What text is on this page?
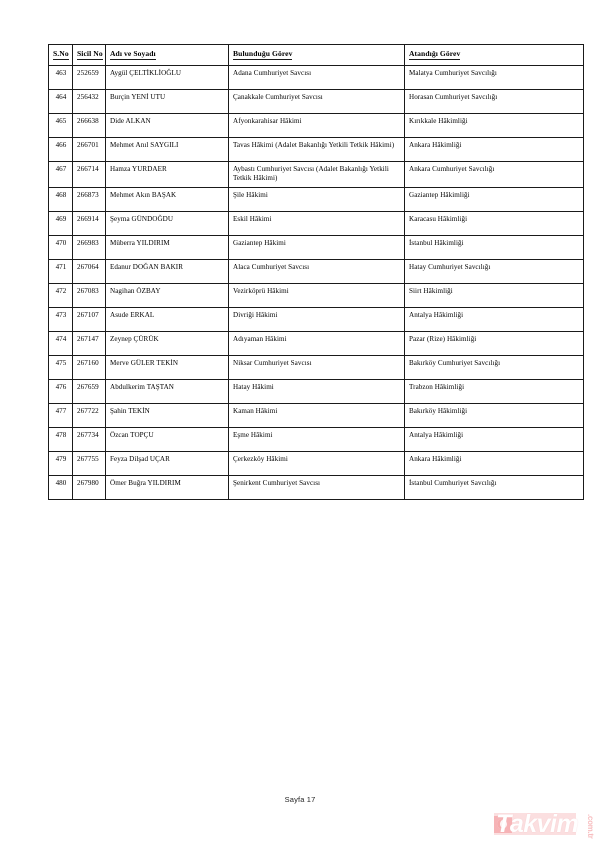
S.No	Sicil No	Adı ve Soyadı	Bulunduğu Görev	Atandığı Görev
463	252659	Aygül ÇELTİKLİOĞLU	Adana Cumhuriyet Savcısı	Malatya Cumhuriyet Savcılığı
464	256432	Burçin YENİ UTU	Çanakkale Cumhuriyet Savcısı	Horasan Cumhuriyet Savcılığı
465	266638	Dide ALKAN	Afyonkarahisar Hâkimi	Kırıkkale Hâkimliği
466	266701	Mehmet Anıl SAYGILI	Tavas Hâkimi (Adalet Bakanlığı Yetkili Tetkik Hâkimi)	Ankara Hâkimliği
467	266714	Hamza YURDAER	Aybastı Cumhuriyet Savcısı (Adalet Bakanlığı Yetkili Tetkik Hâkimi)	Ankara Cumhuriyet Savcılığı
468	266873	Mehmet Akın BAŞAK	Şile Hâkimi	Gaziantep Hâkimliği
469	266914	Şeyma GÜNDOĞDU	Eskil Hâkimi	Karacasu Hâkimliği
470	266983	Müberra YILDIRIM	Gaziantep Hâkimi	İstanbul Hâkimliği
471	267064	Edanur DOĞAN BAKIR	Alaca Cumhuriyet Savcısı	Hatay Cumhuriyet Savcılığı
472	267083	Nagihan ÖZBAY	Vezirköprü Hâkimi	Siirt Hâkimliği
473	267107	Asude ERKAL	Divriği Hâkimi	Antalya Hâkimliği
474	267147	Zeynep ÇÜRÜK	Adıyaman Hâkimi	Pazar (Rize) Hâkimliği
475	267160	Merve GÜLER TEKİN	Niksar Cumhuriyet Savcısı	Bakırköy Cumhuriyet Savcılığı
476	267659	Abdulkerim TAŞTAN	Hatay Hâkimi	Trabzon Hâkimliği
477	267722	Şahin TEKİN	Kaman Hâkimi	Bakırköy Hâkimliği
478	267734	Özcan TOPÇU	Eşme Hâkimi	Antalya Hâkimliği
479	267755	Feyza Dilşad UÇAR	Çerkezköy Hâkimi	Ankara Hâkimliği
480	267980	Ömer Buğra YILDIRIM	Şenirkent Cumhuriyet Savcısı	İstanbul Cumhuriyet Savcılığı
Sayfa 17
Takvim .com.tr
